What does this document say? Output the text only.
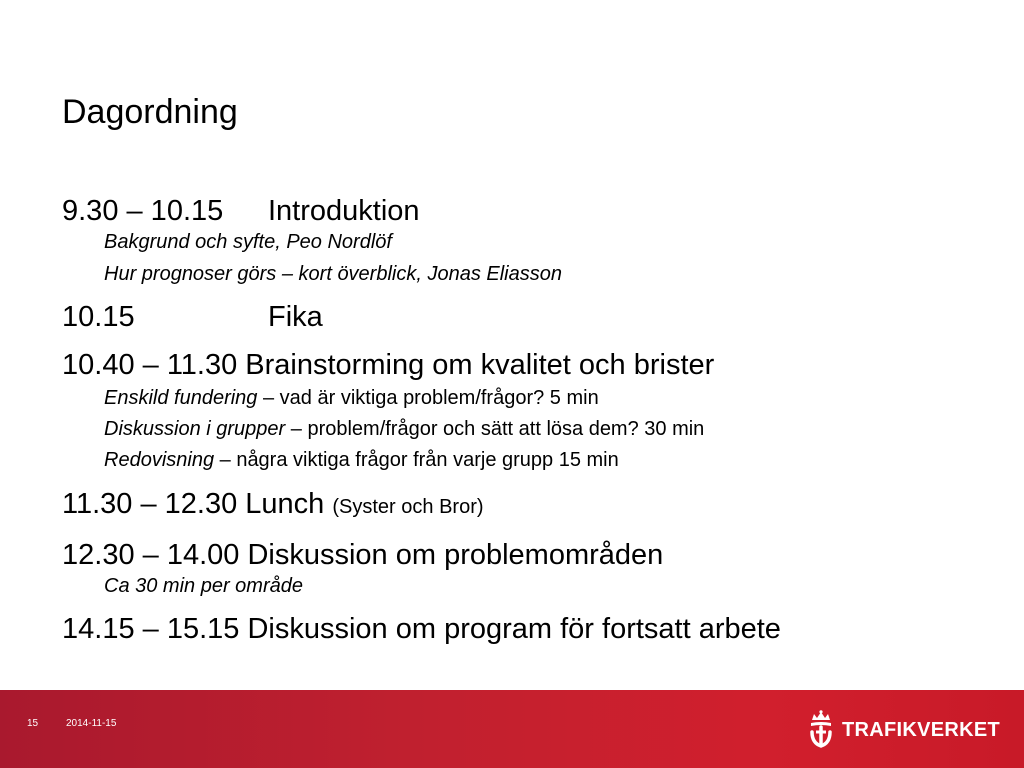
Dagordning
9.30 – 10.15 Introduktion
Bakgrund och syfte, Peo Nordlöf
Hur prognoser görs – kort överblick, Jonas Eliasson
10.15	Fika
10.40 – 11.30 Brainstorming om kvalitet och brister
Enskild fundering – vad är viktiga problem/frågor? 5 min
Diskussion i grupper – problem/frågor och sätt att lösa dem? 30 min
Redovisning – några viktiga frågor från varje grupp 15 min
11.30 – 12.30 Lunch (Syster och Bror)
12.30 – 14.00 Diskussion om problemområden
Ca 30 min per område
14.15 – 15.15 Diskussion om program för fortsatt arbete
15	2014-11-15	TRAFIKVERKET
